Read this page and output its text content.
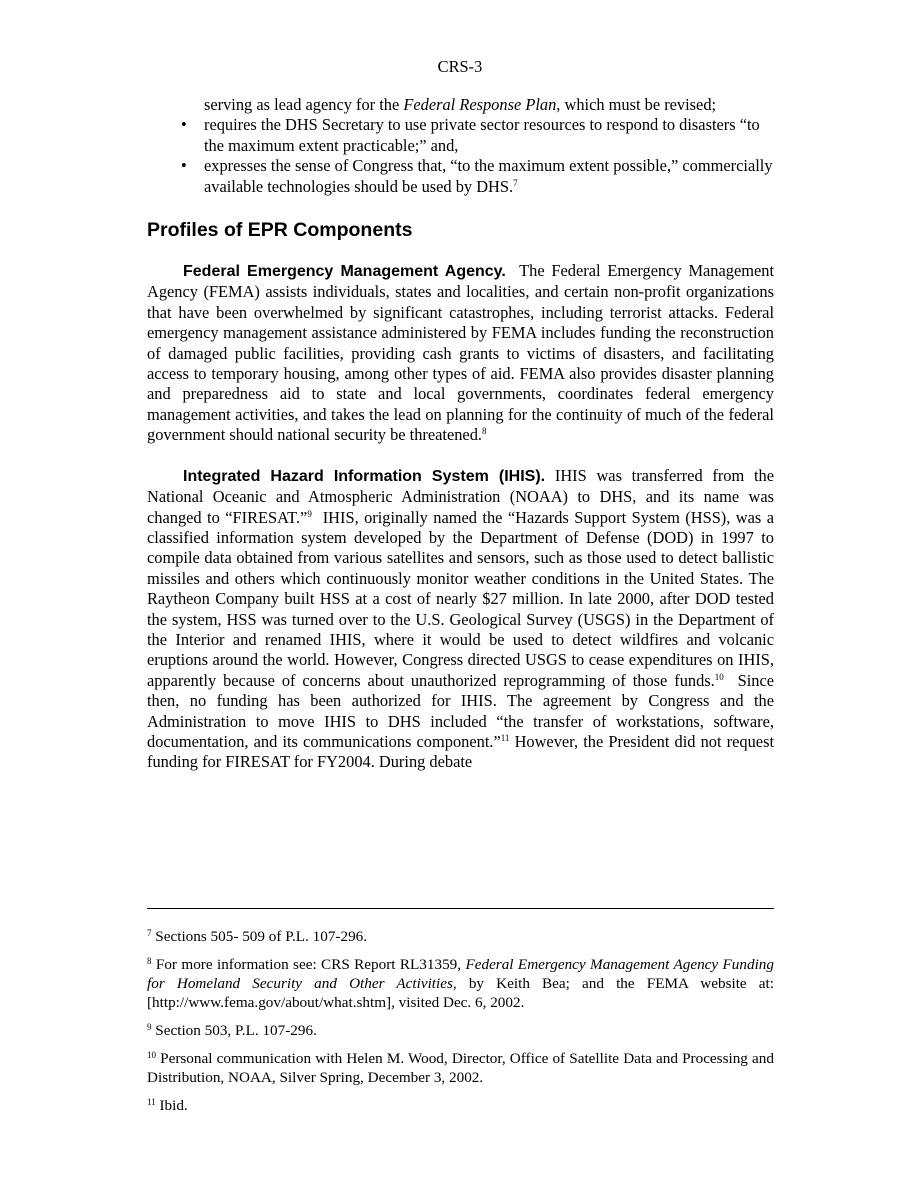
CRS-3
serving as lead agency for the Federal Response Plan, which must be revised;
• requires the DHS Secretary to use private sector resources to respond to disasters “to the maximum extent practicable;” and,
• expresses the sense of Congress that, “to the maximum extent possible,” commercially available technologies should be used by DHS.$^7$
Profiles of EPR Components

Federal Emergency Management Agency. The Federal Emergency Management Agency (FEMA) assists individuals, states and localities, and certain non-profit organizations that have been overwhelmed by significant catastrophes, including terrorist attacks. Federal emergency management assistance administered by FEMA includes funding the reconstruction of damaged public facilities, providing cash grants to victims of disasters, and facilitating access to temporary housing, among other types of aid. FEMA also provides disaster planning and preparedness aid to state and local governments, coordinates federal emergency management activities, and takes the lead on planning for the continuity of much of the federal government should national security be threatened.$^8$

Integrated Hazard Information System (IHIS). IHIS was transferred from the National Oceanic and Atmospheric Administration (NOAA) to DHS, and its name was changed to “FIRESAT.”$^9$ IHIS, originally named the “Hazards Support System (HSS), was a classified information system developed by the Department of Defense (DOD) in 1997 to compile data obtained from various satellites and sensors, such as those used to detect ballistic missiles and others which continuously monitor weather conditions in the United States. The Raytheon Company built HSS at a cost of nearly $27 million. In late 2000, after DOD tested the system, HSS was turned over to the U.S. Geological Survey (USGS) in the Department of the Interior and renamed IHIS, where it would be used to detect wildfires and volcanic eruptions around the world. However, Congress directed USGS to cease expenditures on IHIS, apparently because of concerns about unauthorized reprogramming of those funds.$^{10}$ Since then, no funding has been authorized for IHIS. The agreement by Congress and the Administration to move IHIS to DHS included “the transfer of workstations, software, documentation, and its communications component.”$^{11}$ However, the President did not request funding for FIRESAT for FY2004. During debate

$^7$ Sections 505- 509 of P.L. 107-296.

$^8$ For more information see: CRS Report RL31359, Federal Emergency Management Agency Funding for Homeland Security and Other Activities, by Keith Bea; and the FEMA website at: [http://www.fema.gov/about/what.shtm], visited Dec. 6, 2002.

$^9$ Section 503, P.L. 107-296.

$^{10}$ Personal communication with Helen M. Wood, Director, Office of Satellite Data and Processing and Distribution, NOAA, Silver Spring, December 3, 2002.

$^{11}$ Ibid.
